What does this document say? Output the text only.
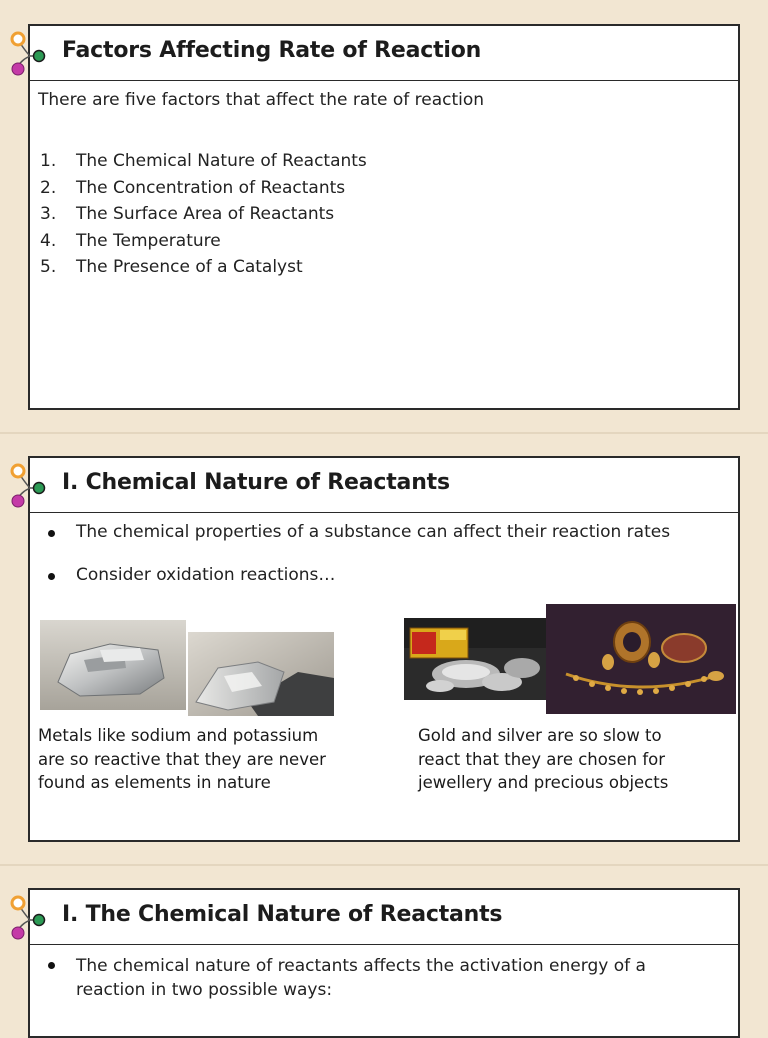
Factors Affecting Rate of Reaction
There are five factors that affect the rate of reaction
1. The Chemical Nature of Reactants
2. The Concentration of Reactants
3. The Surface Area of Reactants
4. The Temperature
5. The Presence of a Catalyst
I. Chemical Nature of Reactants
The chemical properties of a substance can affect their reaction rates
Consider oxidation reactions…
Metals like sodium and potassium
are so reactive that they are never
found as elements in nature
Gold and silver are so slow to
react that they are chosen for
jewellery and precious objects
I. The Chemical Nature of Reactants
The chemical nature of reactants affects the activation energy of a
reaction in two possible ways:
